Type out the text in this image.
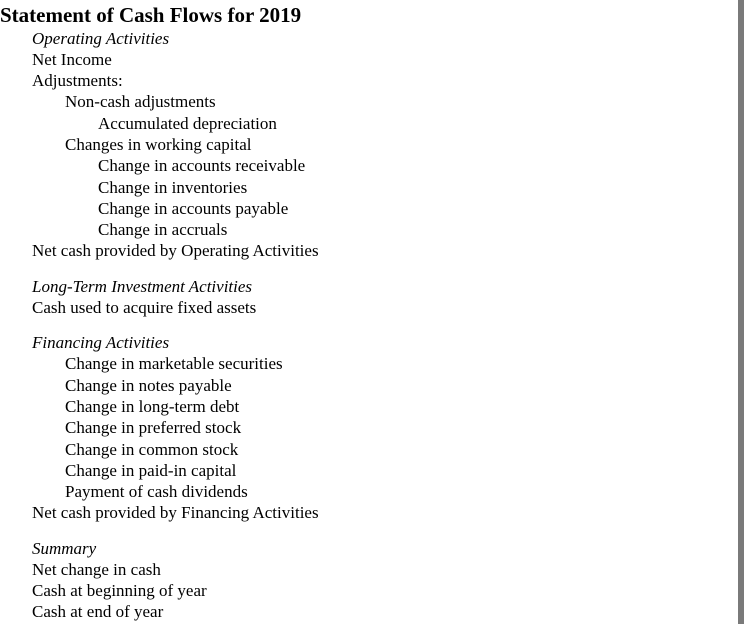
Statement of Cash Flows for 2019
Operating Activities
Net Income
Adjustments:
Non-cash adjustments
Accumulated depreciation
Changes in working capital
Change in accounts receivable
Change in inventories
Change in accounts payable
Change in accruals
Net cash provided by Operating Activities
Long-Term Investment Activities
Cash used to acquire fixed assets
Financing Activities
Change in marketable securities
Change in notes payable
Change in long-term debt
Change in preferred stock
Change in common stock
Change in paid-in capital
Payment of cash dividends
Net cash provided by Financing Activities
Summary
Net change in cash
Cash at beginning of year
Cash at end of year
